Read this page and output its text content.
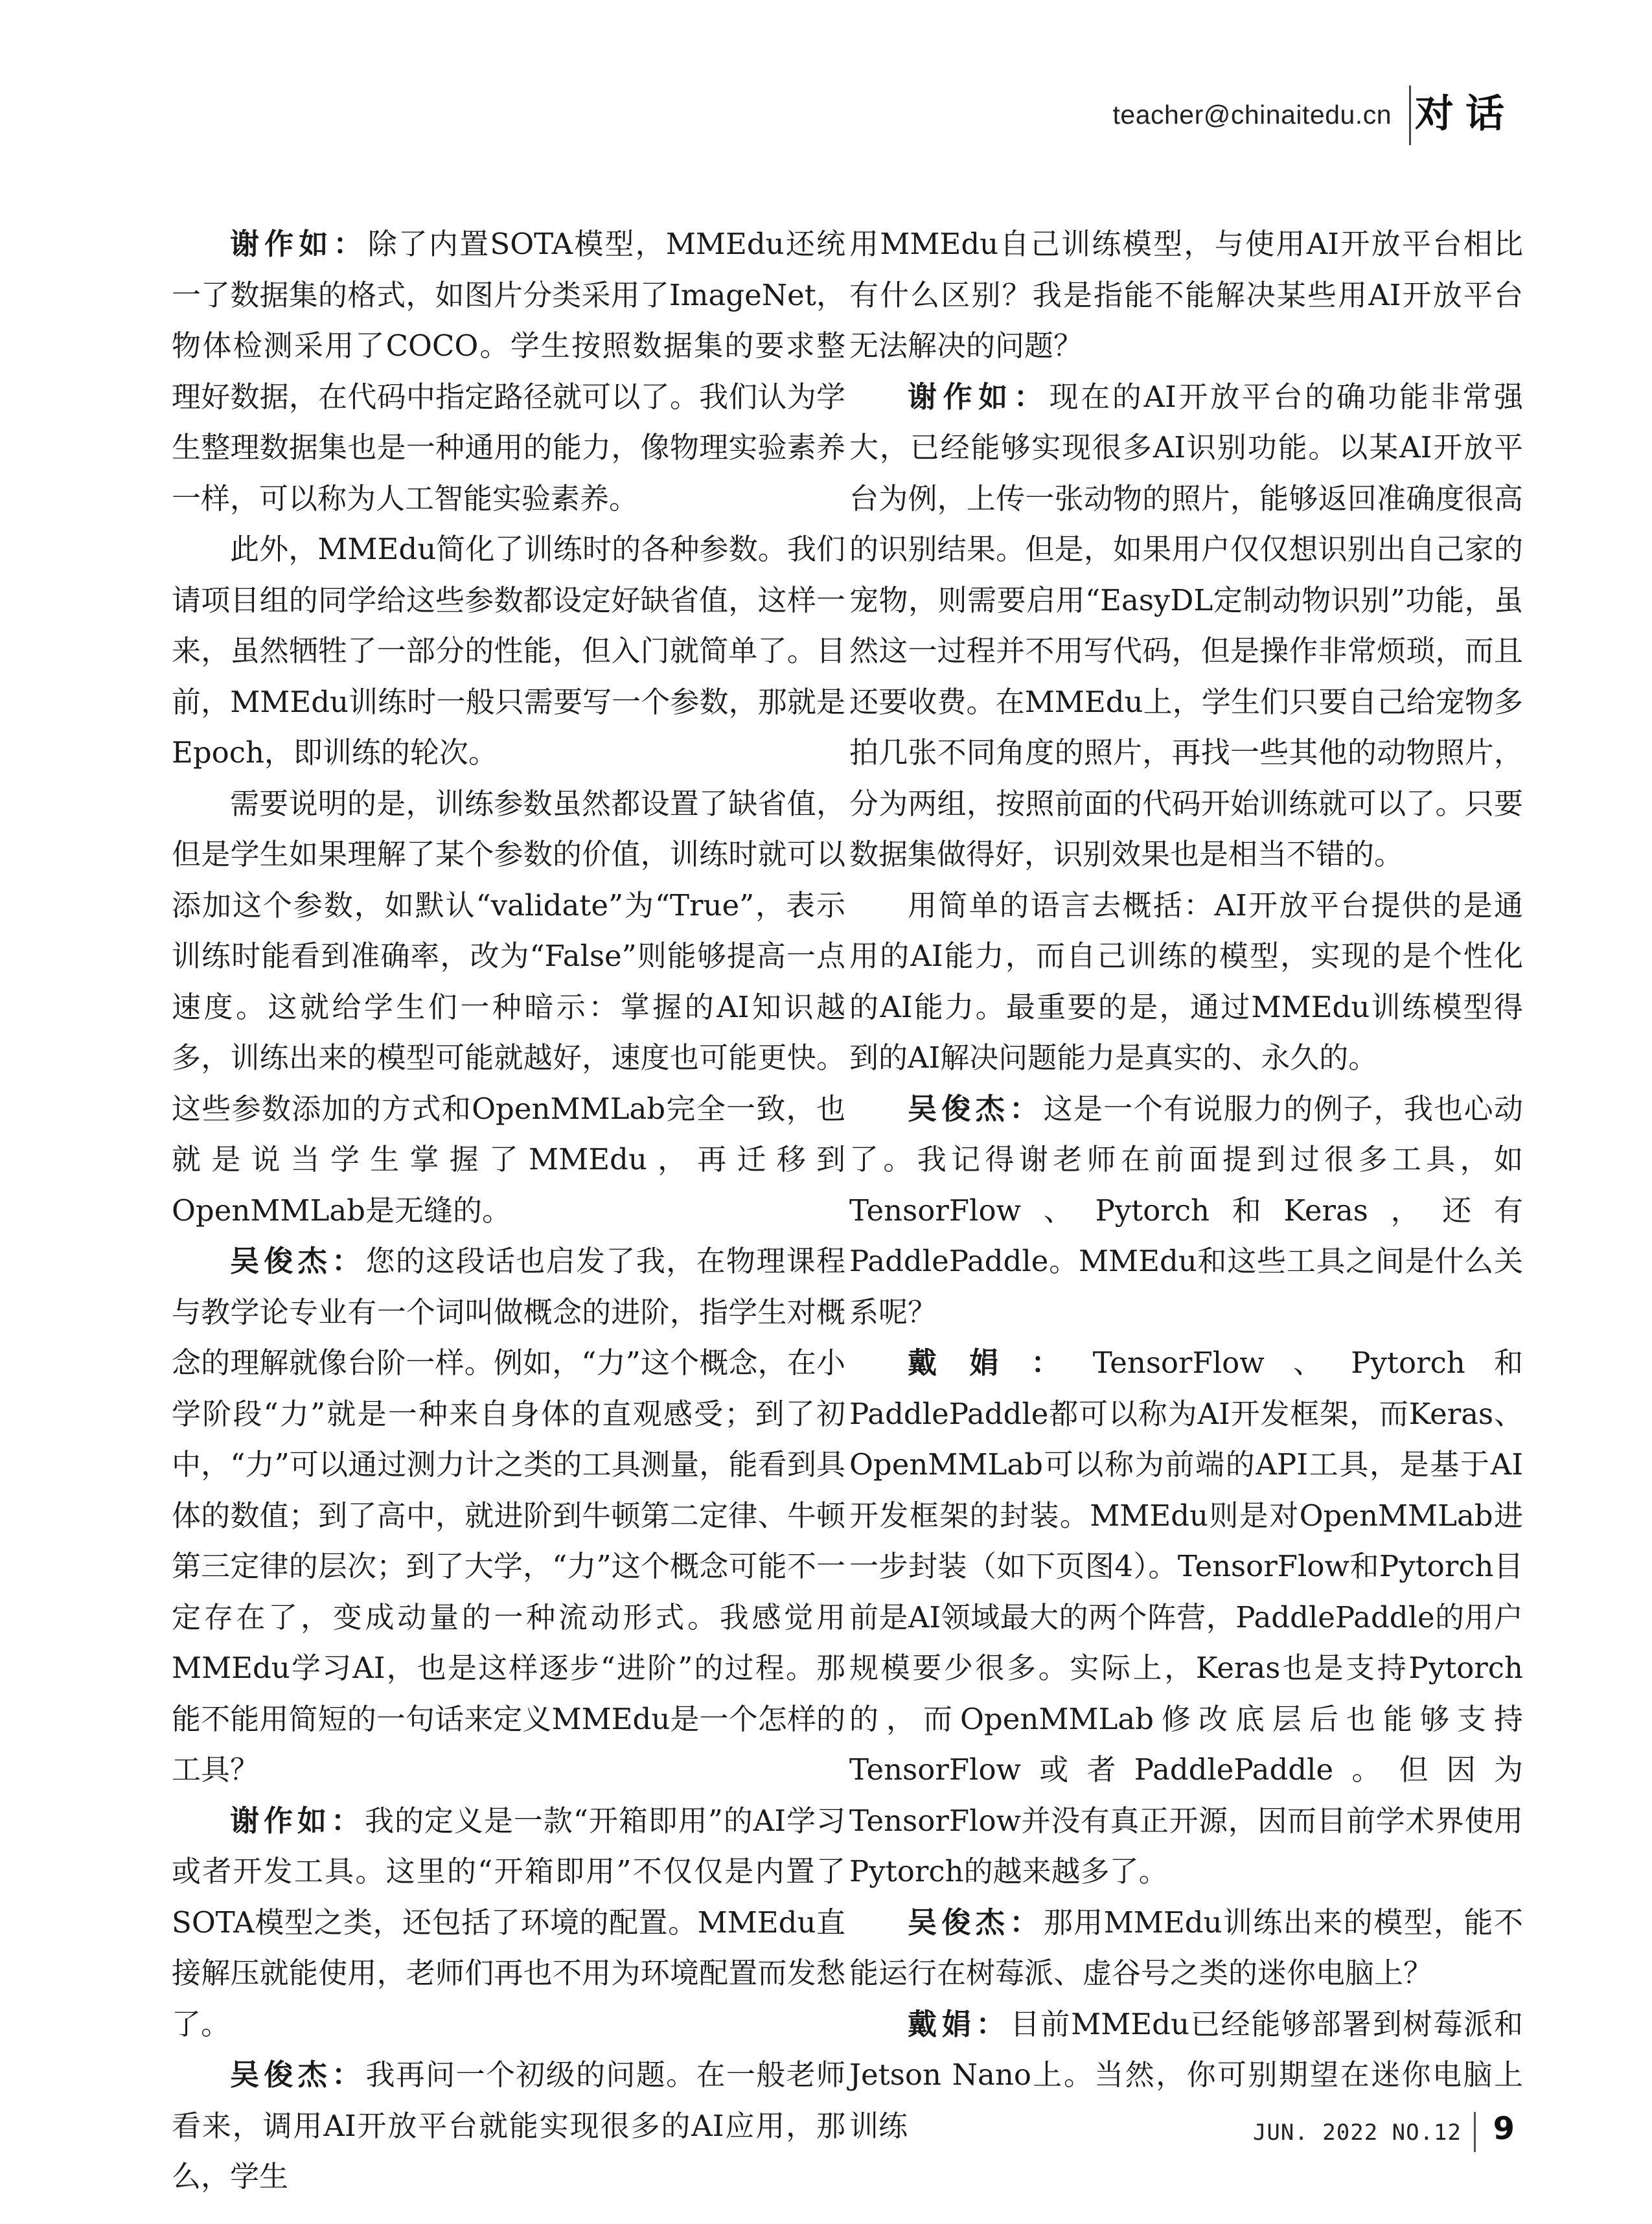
teacher@chinaitedu.cn 对话

谢作如：除了内置SOTA模型，MMEdu还统一了数据集的格式，如图片分类采用了ImageNet，物体检测采用了COCO。学生按照数据集的要求整理好数据，在代码中指定路径就可以了。我们认为学生整理数据集也是一种通用的能力，像物理实验素养一样，可以称为人工智能实验素养。

此外，MMEdu简化了训练时的各种参数。我们请项目组的同学给这些参数都设定好缺省值，这样一来，虽然牺牲了一部分的性能，但入门就简单了。目前，MMEdu训练时一般只需要写一个参数，那就是Epoch，即训练的轮次。

需要说明的是，训练参数虽然都设置了缺省值，但是学生如果理解了某个参数的价值，训练时就可以添加这个参数，如默认“validate”为“True”，表示训练时能看到准确率，改为“False”则能够提高一点速度。这就给学生们一种暗示：掌握的AI知识越多，训练出来的模型可能就越好，速度也可能更快。这些参数添加的方式和OpenMMLab完全一致，也就是说当学生掌握了MMEdu，再迁移到OpenMMLab是无缝的。

吴俊杰：您的这段话也启发了我，在物理课程与教学论专业有一个词叫做概念的进阶，指学生对概念的理解就像台阶一样。例如，“力”这个概念，在小学阶段“力”就是一种来自身体的直观感受；到了初中，“力”可以通过测力计之类的工具测量，能看到具体的数值；到了高中，就进阶到牛顿第二定律、牛顿第三定律的层次；到了大学，“力”这个概念可能不一定存在了，变成动量的一种流动形式。我感觉用MMEdu学习AI，也是这样逐步“进阶”的过程。那能不能用简短的一句话来定义MMEdu是一个怎样的工具？

谢作如：我的定义是一款“开箱即用”的AI学习或者开发工具。这里的“开箱即用”不仅仅是内置了SOTA模型之类，还包括了环境的配置。MMEdu直接解压就能使用，老师们再也不用为环境配置而发愁了。

吴俊杰：我再问一个初级的问题。在一般老师看来，调用AI开放平台就能实现很多的AI应用，那么，学生

用MMEdu自己训练模型，与使用AI开放平台相比有什么区别？我是指能不能解决某些用AI开放平台无法解决的问题？

谢作如：现在的AI开放平台的确功能非常强大，已经能够实现很多AI识别功能。以某AI开放平台为例，上传一张动物的照片，能够返回准确度很高的识别结果。但是，如果用户仅仅想识别出自己家的宠物，则需要启用“EasyDL定制动物识别”功能，虽然这一过程并不用写代码，但是操作非常烦琐，而且还要收费。在MMEdu上，学生们只要自己给宠物多拍几张不同角度的照片，再找一些其他的动物照片，分为两组，按照前面的代码开始训练就可以了。只要数据集做得好，识别效果也是相当不错的。

用简单的语言去概括：AI开放平台提供的是通用的AI能力，而自己训练的模型，实现的是个性化的AI能力。最重要的是，通过MMEdu训练模型得到的AI解决问题能力是真实的、永久的。

吴俊杰：这是一个有说服力的例子，我也心动了。我记得谢老师在前面提到过很多工具，如TensorFlow、Pytorch和Keras，还有PaddlePaddle。MMEdu和这些工具之间是什么关系呢？

戴娟：TensorFlow、Pytorch和PaddlePaddle都可以称为AI开发框架，而Keras、OpenMMLab可以称为前端的API工具，是基于AI开发框架的封装。MMEdu则是对OpenMMLab进一步封装（如下页图4）。TensorFlow和Pytorch目前是AI领域最大的两个阵营，PaddlePaddle的用户规模要少很多。实际上，Keras也是支持Pytorch的，而OpenMMLab修改底层后也能够支持TensorFlow或者PaddlePaddle。但因为TensorFlow并没有真正开源，因而目前学术界使用Pytorch的越来越多了。

吴俊杰：那用MMEdu训练出来的模型，能不能运行在树莓派、虚谷号之类的迷你电脑上？

戴娟：目前MMEdu已经能够部署到树莓派和Jetson Nano上。当然，你可别期望在迷你电脑上训练	JUN. 2022 NO.12 9
